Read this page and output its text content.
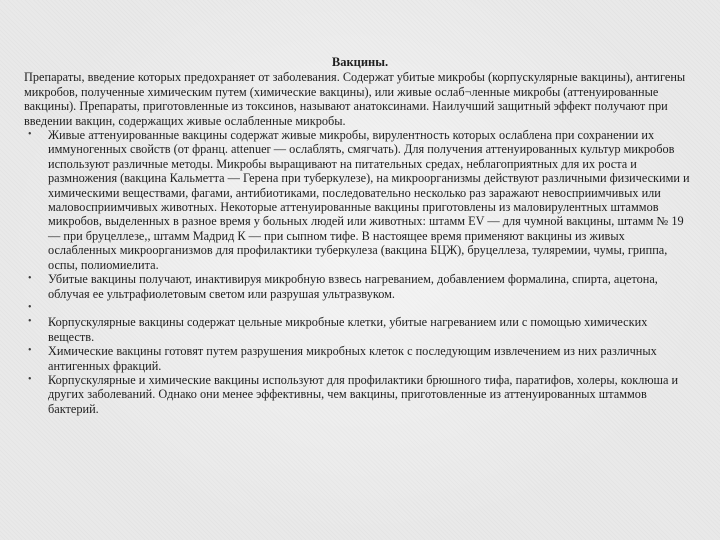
Вакцины.

Препараты, введение которых предохраняет от заболевания. Содержат убитые микробы (корпускулярные вакцины), антигены микробов, полученные химическим путем (химические вакцины), или живые ослаб¬ленные микробы (аттенуированные вакцины). Препараты, приготовленные из токсинов, называют анатоксинами. Наилучший защитный эффект получают при введении вакцин, содержащих живые ослабленные микробы.

• Живые аттенуированные вакцины содержат живые микробы, вирулентность которых ослаблена при сохранении их иммуногенных свойств (от франц. attenuer — ослаблять, смягчать). Для получения аттенуированных культур микробов используют различные методы. Микробы выращивают на питательных средах, неблагоприятных для их роста и размножения (вакцина Кальметта — Герена при туберкулезе), на микроорганизмы действуют различными физическими и химическими веществами, фагами, антибиотиками, последовательно несколько раз заражают невосприимчивых или маловосприимчивых животных. Некоторые аттенуированные вакцины приготовлены из маловирулентных штаммов микробов, выделенных в разное время у больных людей или животных: штамм EV — для чумной вакцины, штамм № 19 — при бруцеллезе,, штамм Мадрид К — при сыпном тифе. В настоящее время применяют вакцины из живых ослабленных микроорганизмов для профилактики туберкулеза (вакцина БЦЖ), бруцеллеза, туляремии, чумы, гриппа, оспы, полиомиелита.
• Убитые вакцины получают, инактивируя микробную взвесь нагреванием, добавлением формалина, спирта, ацетона, облучая ее ультрафиолетовым светом или разрушая ультразвуком.
•
• Корпускулярные вакцины содержат цельные микробные клетки, убитые нагреванием или с помощью химических веществ.
• Химические вакцины готовят путем разрушения микробных клеток с последующим извлечением из них различных антигенных фракций.
• Корпускулярные и химические вакцины используют для профилактики брюшного тифа, паратифов, холеры, коклюша и других заболеваний. Однако они менее эффективны, чем вакцины, приготовленные из аттенуированных штаммов бактерий.
